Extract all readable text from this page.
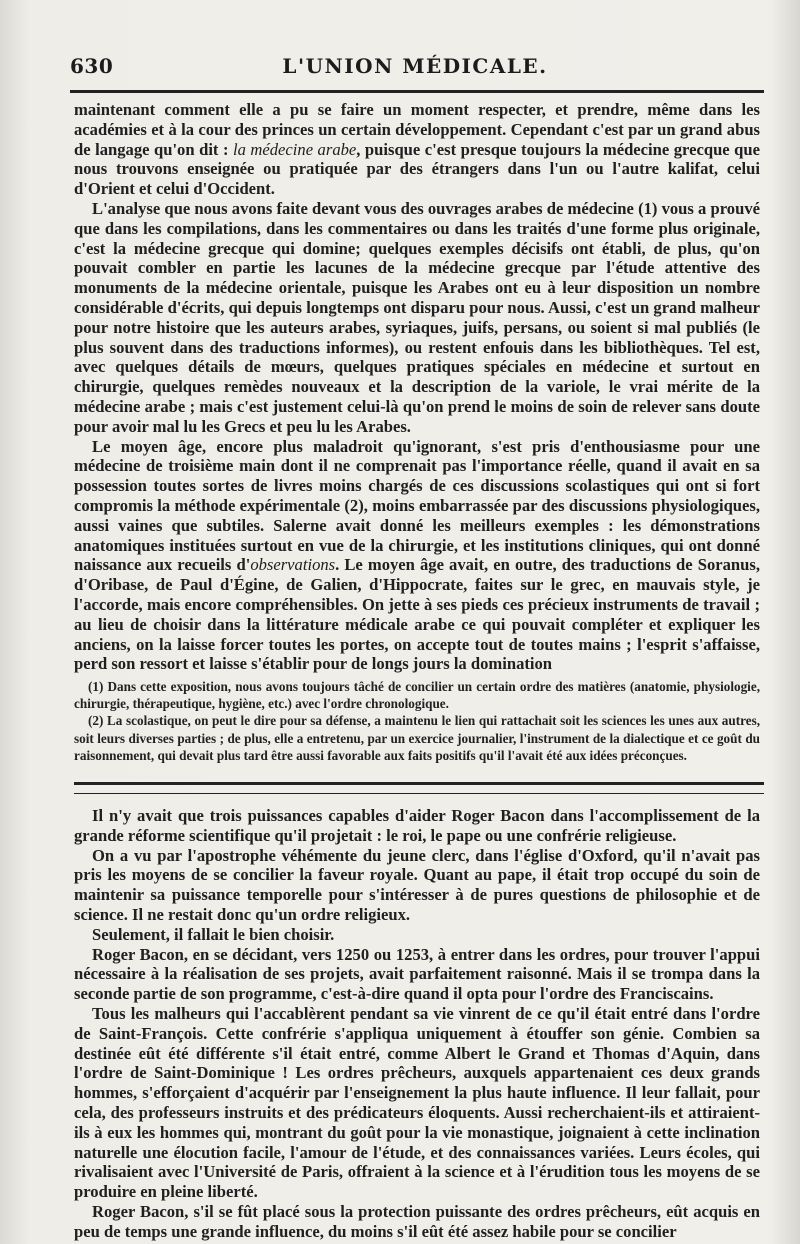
630	L'UNION MÉDICALE.

maintenant comment elle a pu se faire un moment respecter, et prendre, même dans les académies et à la cour des princes un certain développement. Cependant c'est par un grand abus de langage qu'on dit : la médecine arabe, puisque c'est presque toujours la médecine grecque que nous trouvons enseignée ou pratiquée par des étrangers dans l'un ou l'autre kalifat, celui d'Orient et celui d'Occident.

L'analyse que nous avons faite devant vous des ouvrages arabes de médecine (1) vous a prouvé que dans les compilations, dans les commentaires ou dans les traités d'une forme plus originale, c'est la médecine grecque qui domine; quelques exemples décisifs ont établi, de plus, qu'on pouvait combler en partie les lacunes de la médecine grecque par l'étude attentive des monuments de la médecine orientale, puisque les Arabes ont eu à leur disposition un nombre considérable d'écrits, qui depuis longtemps ont disparu pour nous. Aussi, c'est un grand malheur pour notre histoire que les auteurs arabes, syriaques, juifs, persans, ou soient si mal publiés (le plus souvent dans des traductions informes), ou restent enfouis dans les bibliothèques. Tel est, avec quelques détails de mœurs, quelques pratiques spéciales en médecine et surtout en chirurgie, quelques remèdes nouveaux et la description de la variole, le vrai mérite de la médecine arabe ; mais c'est justement celui-là qu'on prend le moins de soin de relever sans doute pour avoir mal lu les Grecs et peu lu les Arabes.

Le moyen âge, encore plus maladroit qu'ignorant, s'est pris d'enthousiasme pour une médecine de troisième main dont il ne comprenait pas l'importance réelle, quand il avait en sa possession toutes sortes de livres moins chargés de ces discussions scolastiques qui ont si fort compromis la méthode expérimentale (2), moins embarrassée par des discussions physiologiques, aussi vaines que subtiles. Salerne avait donné les meilleurs exemples : les démonstrations anatomiques instituées surtout en vue de la chirurgie, et les institutions cliniques, qui ont donné naissance aux recueils d'observations. Le moyen âge avait, en outre, des traductions de Soranus, d'Oribase, de Paul d'Égine, de Galien, d'Hippocrate, faites sur le grec, en mauvais style, je l'accorde, mais encore compréhensibles. On jette à ses pieds ces précieux instruments de travail ; au lieu de choisir dans la littérature médicale arabe ce qui pouvait compléter et expliquer les anciens, on la laisse forcer toutes les portes, on accepte tout de toutes mains ; l'esprit s'affaisse, perd son ressort et laisse s'établir pour de longs jours la domination

(1) Dans cette exposition, nous avons toujours tâché de concilier un certain ordre des matières (anatomie, physiologie, chirurgie, thérapeutique, hygiène, etc.) avec l'ordre chronologique.

(2) La scolastique, on peut le dire pour sa défense, a maintenu le lien qui rattachait soit les sciences les unes aux autres, soit leurs diverses parties ; de plus, elle a entretenu, par un exercice journalier, l'instrument de la dialectique et ce goût du raisonnement, qui devait plus tard être aussi favorable aux faits positifs qu'il l'avait été aux idées préconçues.

Il n'y avait que trois puissances capables d'aider Roger Bacon dans l'accomplissement de la grande réforme scientifique qu'il projetait : le roi, le pape ou une confrérie religieuse.

On a vu par l'apostrophe véhémente du jeune clerc, dans l'église d'Oxford, qu'il n'avait pas pris les moyens de se concilier la faveur royale. Quant au pape, il était trop occupé du soin de maintenir sa puissance temporelle pour s'intéresser à de pures questions de philosophie et de science. Il ne restait donc qu'un ordre religieux.

Seulement, il fallait le bien choisir.

Roger Bacon, en se décidant, vers 1250 ou 1253, à entrer dans les ordres, pour trouver l'appui nécessaire à la réalisation de ses projets, avait parfaitement raisonné. Mais il se trompa dans la seconde partie de son programme, c'est-à-dire quand il opta pour l'ordre des Franciscains.

Tous les malheurs qui l'accablèrent pendant sa vie vinrent de ce qu'il était entré dans l'ordre de Saint-François. Cette confrérie s'appliqua uniquement à étouffer son génie. Combien sa destinée eût été différente s'il était entré, comme Albert le Grand et Thomas d'Aquin, dans l'ordre de Saint-Dominique ! Les ordres prêcheurs, auxquels appartenaient ces deux grands hommes, s'efforçaient d'acquérir par l'enseignement la plus haute influence. Il leur fallait, pour cela, des professeurs instruits et des prédicateurs éloquents. Aussi recherchaient-ils et attiraient-ils à eux les hommes qui, montrant du goût pour la vie monastique, joignaient à cette inclination naturelle une élocution facile, l'amour de l'étude, et des connaissances variées. Leurs écoles, qui rivalisaient avec l'Université de Paris, offraient à la science et à l'érudition tous les moyens de se produire en pleine liberté.

Roger Bacon, s'il se fût placé sous la protection puissante des ordres prêcheurs, eût acquis en peu de temps une grande influence, du moins s'il eût été assez habile pour se concilier
